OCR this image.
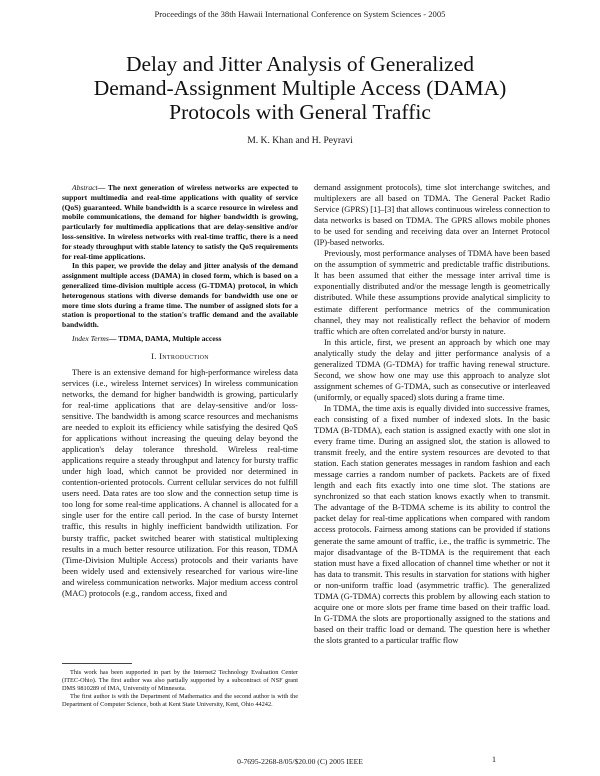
Proceedings of the 38th Hawaii International Conference on System Sciences - 2005
Delay and Jitter Analysis of Generalized
Demand-Assignment Multiple Access (DAMA)
Protocols with General Traffic
M. K. Khan and H. Peyravi

Abstract— The next generation of wireless networks are expected to support multimedia and real-time applications with quality of service (QoS) guaranteed. While bandwidth is a scarce resource in wireless and mobile communications, the demand for higher bandwidth is growing, particularly for multimedia applications that are delay-sensitive and/or loss-sensitive. In wireless networks with real-time traffic, there is a need for steady throughput with stable latency to satisfy the QoS requirements for real-time applications.

In this paper, we provide the delay and jitter analysis of the demand assignment multiple access (DAMA) in closed form, which is based on a generalized time-division multiple access (G-TDMA) protocol, in which heterogenous stations with diverse demands for bandwidth use one or more time slots during a frame time. The number of assigned slots for a station is proportional to the station's traffic demand and the available bandwidth.

Index Terms— TDMA, DAMA, Multiple access

I. Introduction

There is an extensive demand for high-performance wireless data services (i.e., wireless Internet services) In wireless communication networks, the demand for higher bandwidth is growing, particularly for real-time applications that are delay-sensitive and/or loss-sensitive. The bandwidth is among scarce resources and mechanisms are needed to exploit its efficiency while satisfying the desired QoS for applications without increasing the queuing delay beyond the application's delay tolerance threshold. Wireless real-time applications require a steady throughput and latency for bursty traffic under high load, which cannot be provided nor determined in contention-oriented protocols. Current cellular services do not fulfill users need. Data rates are too slow and the connection setup time is too long for some real-time applications. A channel is allocated for a single user for the entire call period. In the case of bursty Internet traffic, this results in highly inefficient bandwidth utilization. For bursty traffic, packet switched bearer with statistical multiplexing results in a much better resource utilization. For this reason, TDMA (Time-Division Multiple Access) protocols and their variants have been widely used and extensively researched for various wire-line and wireless communication networks. Major medium access control (MAC) protocols (e.g., random access, fixed and

This work has been supported in part by the Internet2 Technology Evaluation Center (ITEC-Ohio). The first author was also partially supported by a subcontract of NSF grant DMS 9810289 of IMA, University of Minnesota.

The first author is with the Department of Mathematics and the second author is with the Department of Computer Science, both at Kent State University, Kent, Ohio 44242.

demand assignment protocols), time slot interchange switches, and multiplexers are all based on TDMA. The General Packet Radio Service (GPRS) [1]–[3] that allows continuous wireless connection to data networks is based on TDMA. The GPRS allows mobile phones to be used for sending and receiving data over an Internet Protocol (IP)-based networks.

Previously, most performance analyses of TDMA have been based on the assumption of symmetric and predictable traffic distributions. It has been assumed that either the message inter arrival time is exponentially distributed and/or the message length is geometrically distributed. While these assumptions provide analytical simplicity to estimate different performance metrics of the communication channel, they may not realistically reflect the behavior of modern traffic which are often correlated and/or bursty in nature.

In this article, first, we present an approach by which one may analytically study the delay and jitter performance analysis of a generalized TDMA (G-TDMA) for traffic having renewal structure. Second, we show how one may use this approach to analyze slot assignment schemes of G-TDMA, such as consecutive or interleaved (uniformly, or equally spaced) slots during a frame time.

In TDMA, the time axis is equally divided into successive frames, each consisting of a fixed number of indexed slots. In the basic TDMA (B-TDMA), each station is assigned exactly with one slot in every frame time. During an assigned slot, the station is allowed to transmit freely, and the entire system resources are devoted to that station. Each station generates messages in random fashion and each message carries a random number of packets. Packets are of fixed length and each fits exactly into one time slot. The stations are synchronized so that each station knows exactly when to transmit. The advantage of the B-TDMA scheme is its ability to control the packet delay for real-time applications when compared with random access protocols. Fairness among stations can be provided if stations generate the same amount of traffic, i.e., the traffic is symmetric. The major disadvantage of the B-TDMA is the requirement that each station must have a fixed allocation of channel time whether or not it has data to transmit. This results in starvation for stations with higher or non-uniform traffic load (asymmetric traffic). The generalized TDMA (G-TDMA) corrects this problem by allowing each station to acquire one or more slots per frame time based on their traffic load. In G-TDMA the slots are proportionally assigned to the stations and based on their traffic load or demand. The question here is whether the slots granted to a particular traffic flow

0-7695-2268-8/05/$20.00 (C) 2005 IEEE	1
